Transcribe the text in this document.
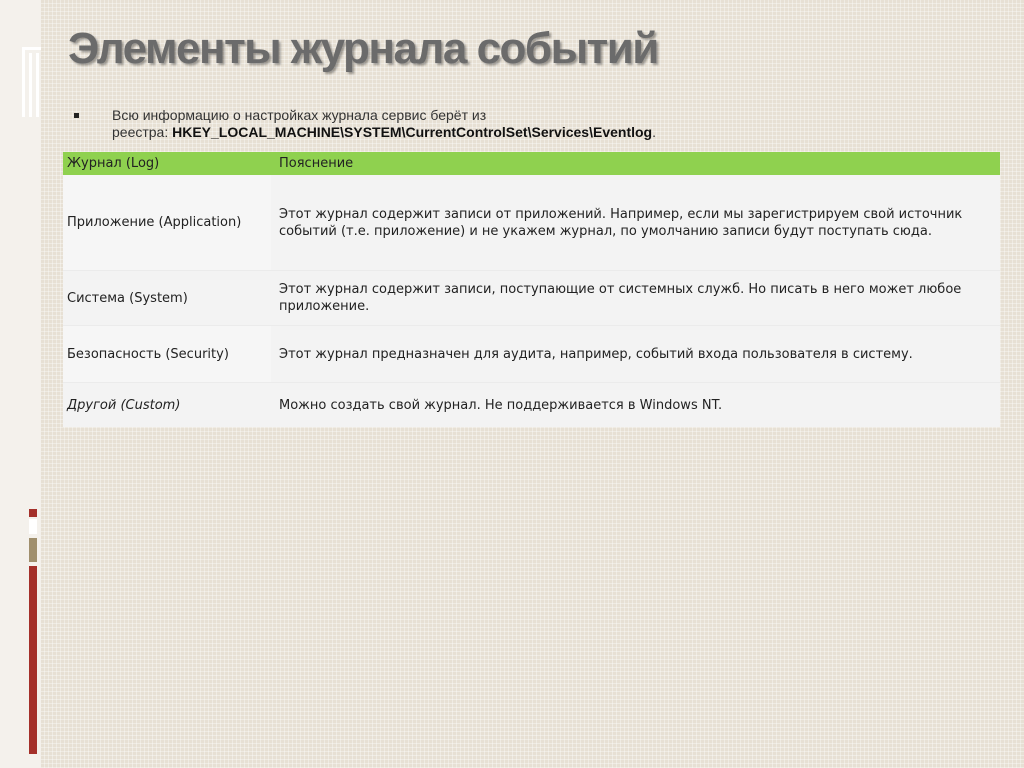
Элементы журнала событий
Всю информацию о настройках журнала сервис берёт из
реестра: HKEY_LOCAL_MACHINE\SYSTEM\CurrentControlSet\Services\Eventlog.
Журнал (Log)	Пояснение
Приложение (Application)	Этот журнал содержит записи от приложений. Например, если мы зарегистрируем свой источник событий (т.е. приложение) и не укажем журнал, по умолчанию записи будут поступать сюда.
Система (System)	Этот журнал содержит записи, поступающие от системных служб. Но писать в него может любое приложение.
Безопасность (Security)	Этот журнал предназначен для аудита, например, событий входа пользователя в систему.
Другой (Custom)	Можно создать свой журнал. Не поддерживается в Windows NT.
